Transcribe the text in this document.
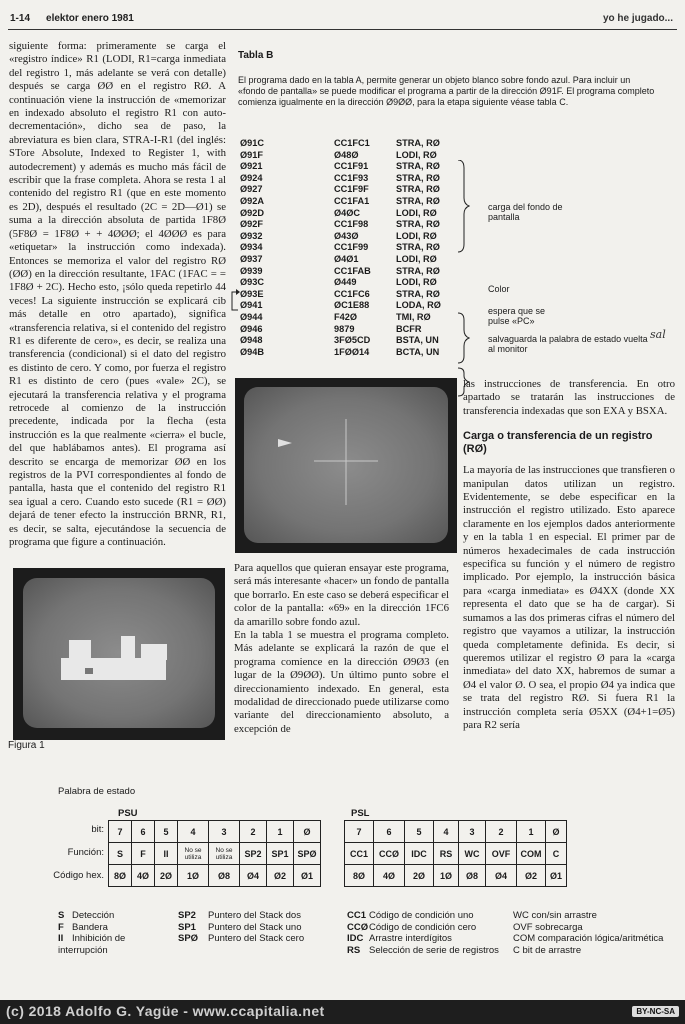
1-14 elektor enero 1981	yo he jugado...

siguiente forma: primeramente se carga el «registro índice» R1 (LODI, R1=carga inmediata del registro 1, más adelante se verá con detalle) después se carga ØØ en el registro RØ. A continuación viene la instrucción de «memorizar en indexado absoluto el registro R1 con auto-decrementación», dicho sea de paso, la abreviatura es bien clara, STRA-I-R1 (del inglés: STore Absolute, Indexed to Register 1, with autodecrement) y además es mucho más fácil de escribir que la frase completa. Ahora se resta 1 al contenido del registro R1 (que en este momento es 2D), después el resultado (2C = 2D—Ø1) se suma a la dirección absoluta de partida 1F8Ø (5F8Ø = 1F8Ø + + 4ØØØ; el 4ØØØ es para «etiquetar» la instrucción como indexada). Entonces se memoriza el valor del registro RØ (ØØ) en la dirección resultante, 1FAC (1FAC = = 1F8Ø + 2C). Hecho esto, ¡sólo queda repetirlo 44 veces! La siguiente instrucción se explicará cib más detalle en otro apartado), significa «transferencia relativa, si el contenido del registro R1 es diferente de cero», es decir, se realiza una transferencia (condicional) si el dato del registro es distinto de cero. Y como, por fuerza el registro R1 es distinto de cero (pues «vale» 2C), se ejecutará la transferencia relativa y el programa retrocede al comienzo de la instrucción precedente, indicada por la flecha (esta instrucción es la que realmente «cierra» el bucle, del que hablábamos antes). El programa así descrito se encarga de memorizar ØØ en los registros de la PVI correspondientes al fondo de pantalla, hasta que el contenido del registro R1 sea igual a cero. Cuando esto sucede (R1 = ØØ) dejará de tener efecto la instrucción BRNR, R1, es decir, se salta, ejecutándose la secuencia de programa que figure a continuación.

Tabla B
El programa dado en la tabla A, permite generar un objeto blanco sobre fondo azul. Para incluir un «fondo de pantalla» se puede modificar el programa a partir de la dirección Ø91F. El programa completo comienza igualmente en la dirección Ø9ØØ, para la etapa siguiente véase tabla C.
Ø91C	CC1FC1	STRA, RØ
Ø91F	Ø48Ø	LODI, RØ
Ø921	CC1F91	STRA, RØ
Ø924	CC1F93	STRA, RØ
Ø927	CC1F9F	STRA, RØ
Ø92A	CC1FA1	STRA, RØ
Ø92D	Ø4ØC	LODI, RØ
Ø92F	CC1F98	STRA, RØ
Ø932	Ø43Ø	LODI, RØ
Ø934	CC1F99	STRA, RØ
Ø937	Ø4Ø1	LODI, RØ
Ø939	CC1FAB	STRA, RØ
Ø93C	Ø449	LODI, RØ
Ø93E	CC1FC6	STRA, RØ
Ø941	ØC1E88	LODA, RØ
Ø944	F42Ø	TMI, RØ
Ø946	9879	BCFR
Ø948	3FØ5CD	BSTA, UN
Ø94B	1FØØ14	BCTA, UN
carga del fondo de pantalla
Color
espera que se pulse «PC»
salvaguarda la palabra de estado vuelta al monitor
sal

Para aquellos que quieran ensayar este programa, será más interesante «hacer» un fondo de pantalla que borrarlo. En este caso se deberá especificar el color de la pantalla: «69» en la dirección 1FC6 da amarillo sobre fondo azul.

En la tabla 1 se muestra el programa completo. Más adelante se explicará la razón de que el programa comience en la dirección Ø9Ø3 (en lugar de la Ø9ØØ). Un último punto sobre el direccionamiento indexado. En general, esta modalidad de direccionado puede utilizarse como variante del direccionamiento absoluto, a excepción de

las instrucciones de transferencia. En otro apartado se tratarán las instrucciones de transferencia indexadas que son EXA y BSXA.

Carga o transferencia de un registro (RØ)

La mayoría de las instrucciones que transfieren o manipulan datos utilizan un registro. Evidentemente, se debe especificar en la instrucción el registro utilizado. Esto aparece claramente en los ejemplos dados anteriormente y en la tabla 1 en especial. El primer par de números hexadecimales de cada instrucción especifica su función y el número de registro implicado. Por ejemplo, la instrucción básica para «carga inmediata» es Ø4XX (donde XX representa el dato que se ha de cargar). Si sumamos a las dos primeras cifras el número del registro que vayamos a utilizar, la instrucción queda completamente definida. Es decir, si queremos utilizar el registro Ø para la «carga inmediata» del dato XX, habremos de sumar a Ø4 el valor Ø. O sea, el propio Ø4 ya indica que se trata del registro RØ. Si fuera R1 la instrucción completa sería Ø5XX (Ø4+1=Ø5) para R2 sería

Figura 1
Palabra de estado
PSU	PSL
bit:
Función:
Código hex.
7	6	5	4	3	2	1	Ø
S	F	II	No se utiliza	No se utiliza	SP2	SP1	SPØ
8Ø	4Ø	2Ø	1Ø	Ø8	Ø4	Ø2	Ø1
7	6	5	4	3	2	1	Ø
CC1	CCØ	IDC	RS	WC	OVF	COM	C
8Ø	4Ø	2Ø	1Ø	Ø8	Ø4	Ø2	Ø1
S Detección
F Bandera
II Inhibición de interrupción
SP2 Puntero del Stack dos
SP1 Puntero del Stack uno
SPØ Puntero del Stack cero
CC1 Código de condición uno
CCØCódigo de condición cero
IDC Arrastre interdígitos
RS Selección de serie de registros
WC con/sin arrastre
OVF sobrecarga
COM comparación lógica/aritmética
C bit de arrastre
(c) 2018 Adolfo G. Yagüe - www.ccapitalia.net	BY-NC-SA
